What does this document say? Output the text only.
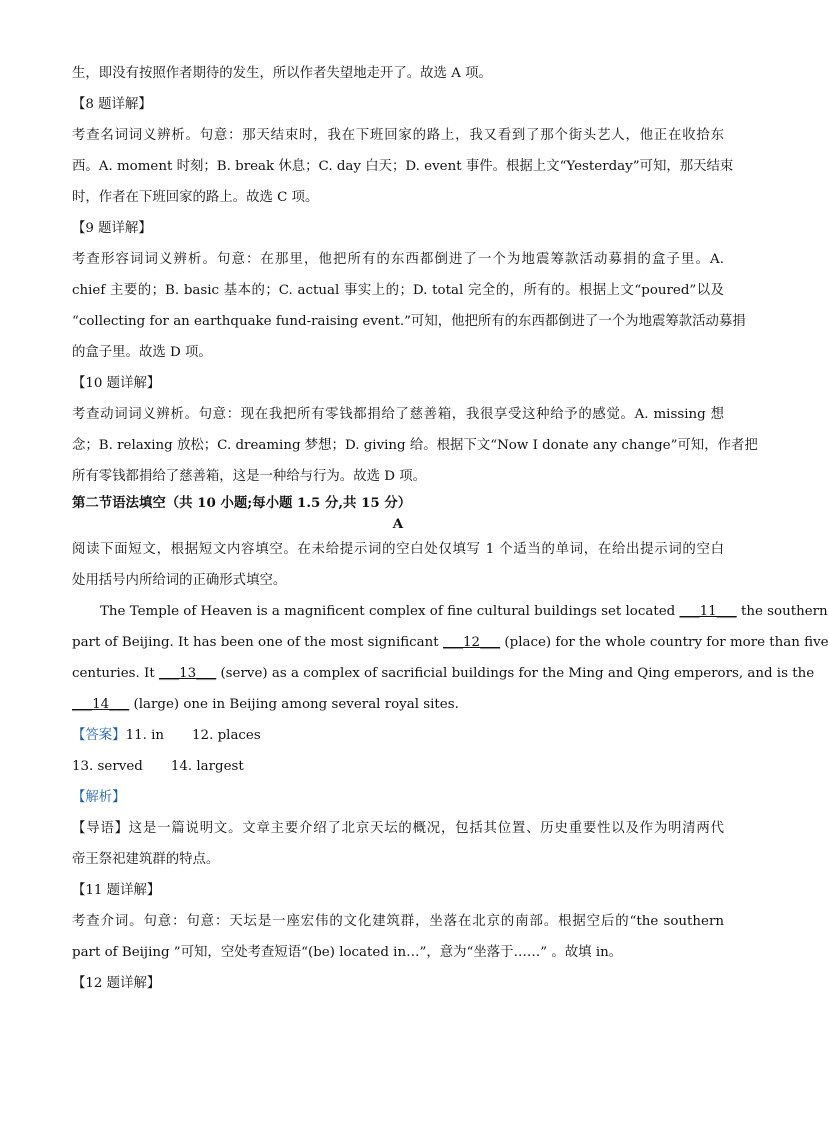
生，即没有按照作者期待的发生，所以作者失望地走开了。故选 A 项。
【8 题详解】
考查名词词义辨析。句意：那天结束时，我在下班回家的路上，我又看到了那个街头艺人，他正在收拾东
西。A. moment 时刻；B. break 休息；C. day 白天；D. event 事件。根据上文“Yesterday”可知，那天结束
时，作者在下班回家的路上。故选 C 项。
【9 题详解】
考查形容词词义辨析。句意：在那里，他把所有的东西都倒进了一个为地震筹款活动募捐的盒子里。A.
chief 主要的；B. basic 基本的；C. actual 事实上的；D. total 完全的，所有的。根据上文“poured”以及
“collecting for an earthquake fund-raising event.”可知，他把所有的东西都倒进了一个为地震筹款活动募捐
的盒子里。故选 D 项。
【10 题详解】
考查动词词义辨析。句意：现在我把所有零钱都捐给了慈善箱，我很享受这种给予的感觉。A. missing 想
念；B. relaxing 放松；C. dreaming 梦想；D. giving 给。根据下文“Now I donate any change”可知，作者把
所有零钱都捐给了慈善箱，这是一种给与行为。故选 D 项。
第二节语法填空（共 10 小题;每小题 1.5 分,共 15 分）
A
阅读下面短文，根据短文内容填空。在未给提示词的空白处仅填写 1 个适当的单词，在给出提示词的空白
处用括号内所给词的正确形式填空。
The Temple of Heaven is a magnificent complex of fine cultural buildings set located ___11___ the southern
part of Beijing. It has been one of the most significant ___12___ (place) for the whole country for more than five
centuries. It ___13___ (serve) as a complex of sacrificial buildings for the Ming and Qing emperors, and is the
___14___ (large) one in Beijing among several royal sites.
【答案】11. in 12. places
13. served 14. largest
【解析】
【导语】这是一篇说明文。文章主要介绍了北京天坛的概况，包括其位置、历史重要性以及作为明清两代
帝王祭祀建筑群的特点。
【11 题详解】
考查介词。句意：句意：天坛是一座宏伟的文化建筑群，坐落在北京的南部。根据空后的“the southern
part of Beijing ”可知，空处考查短语“(be) located in…”，意为“坐落于……” 。故填 in。
【12 题详解】
